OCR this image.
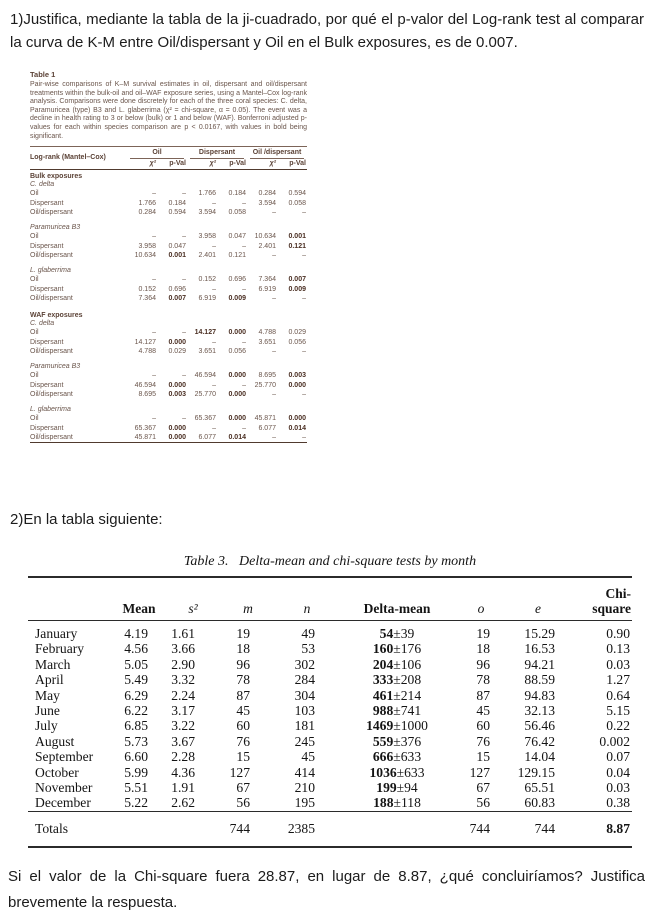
1)Justifica, mediante la tabla de la ji-cuadrado, por qué el p-valor del Log-rank test al comparar la curva de K-M entre Oil/dispersant y Oil en el Bulk exposures, es de 0.007.

Table 1

Pair-wise comparisons of K–M survival estimates in oil, dispersant and oil/dispersant treatments within the bulk-oil and oil–WAF exposure series, using a Mantel–Cox log-rank analysis. Comparisons were done discretely for each of the three coral species: C. delta, Paramuricea (type) B3 and L. glaberrima (χ² = chi-square, α = 0.05). The event was a decline in health rating to 3 or below (bulk) or 1 and below (WAF). Bonferroni adjusted p-values for each within species comparison are p < 0.0167, with values in bold being significant.

Log-rank (Mantel–Cox)	Oil		Dispersant		Oil /dispersant	

	χ²	p-Val	χ²	p-Val	χ²	p-Val
Bulk exposures						
C. delta						
Oil	–	–	1.766	0.184	0.284	0.594
Dispersant	1.766	0.184	–	–	3.594	0.058
Oil/dispersant	0.284	0.594	3.594	0.058	–	–

Paramuricea B3						
Oil	–	–	3.958	0.047	10.634	0.001
Dispersant	3.958	0.047	–	–	2.401	0.121
Oil/dispersant	10.634	0.001	2.401	0.121	–	–

L. glaberrima						
Oil	–	–	0.152	0.696	7.364	0.007
Dispersant	0.152	0.696	–	–	6.919	0.009
Oil/dispersant	7.364	0.007	6.919	0.009	–	–

WAF exposures						
C. delta						
Oil	–	–	14.127	0.000	4.788	0.029
Dispersant	14.127	0.000	–	–	3.651	0.056
Oil/dispersant	4.788	0.029	3.651	0.056	–	–

Paramuricea B3						
Oil	–	–	46.594	0.000	8.695	0.003
Dispersant	46.594	0.000	–	–	25.770	0.000
Oil/dispersant	8.695	0.003	25.770	0.000	–	–

L. glaberrima						
Oil	–	–	65.367	0.000	45.871	0.000
Dispersant	65.367	0.000	–	–	6.077	0.014
Oil/dispersant	45.871	0.000	6.077	0.014	–	–

2)En la tabla siguiente:

Table 3. Delta-mean and chi-square tests by month
	Mean	s²	m	n	Delta-mean	o	e	Chi-square
January	4.19	1.61	19	49	54±39	19	15.29	0.90
February	4.56	3.66	18	53	160±176	18	16.53	0.13
March	5.05	2.90	96	302	204±106	96	94.21	0.03
April	5.49	3.32	78	284	333±208	78	88.59	1.27
May	6.29	2.24	87	304	461±214	87	94.83	0.64
June	6.22	3.17	45	103	988±741	45	32.13	5.15
July	6.85	3.22	60	181	1469±1000	60	56.46	0.22
August	5.73	3.67	76	245	559±376	76	76.42	0.002
September	6.60	2.28	15	45	666±633	15	14.04	0.07
October	5.99	4.36	127	414	1036±633	127	129.15	0.04
November	5.51	1.91	67	210	199±94	67	65.51	0.03
December	5.22	2.62	56	195	188±118	56	60.83	0.38
Totals			744	2385		744	744	8.87

Si el valor de la Chi-square fuera 28.87, en lugar de 8.87, ¿qué concluiríamos? Justifica brevemente la respuesta.
